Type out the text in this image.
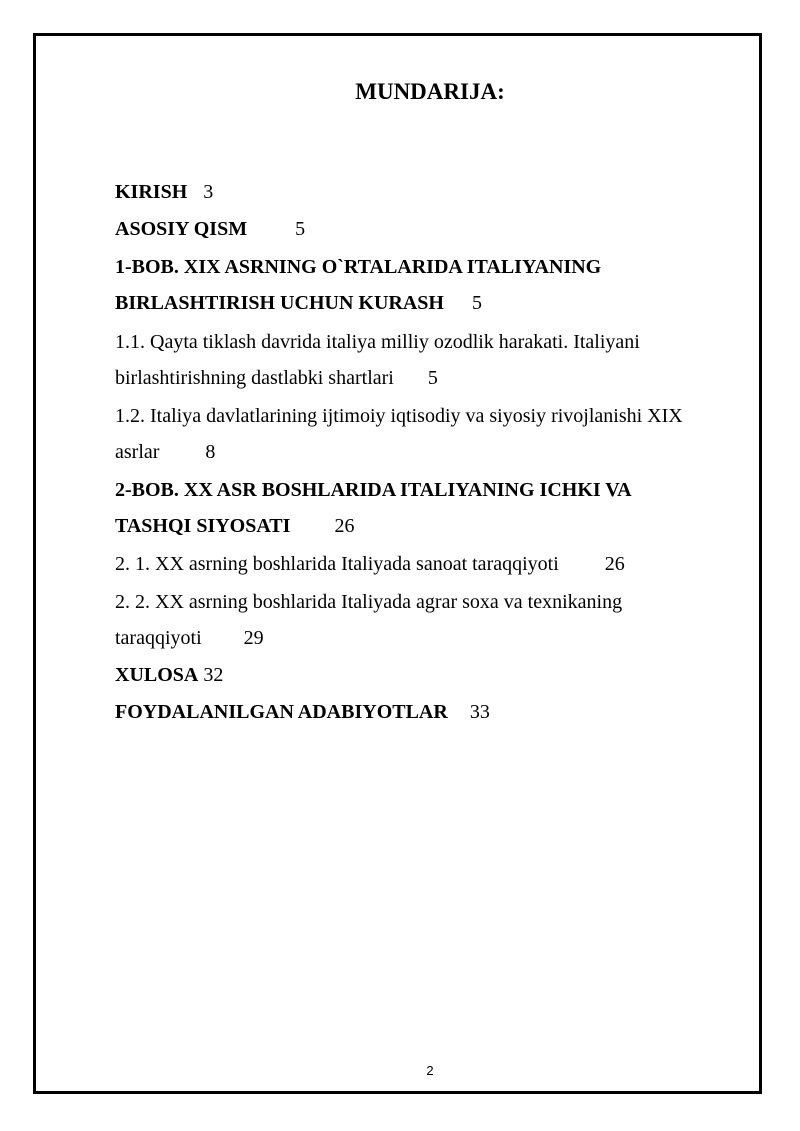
MUNDARIJA:
KIRISH 3
ASOSIY QISM 5
1-BOB. XIX ASRNING O`RTALARIDA ITALIYANING
BIRLASHTIRISH UCHUN KURASH 5
1.1. Qayta tiklash davrida italiya milliy ozodlik harakati. Italiyani
birlashtirishning dastlabki shartlari 5
1.2. Italiya davlatlarining ijtimoiy iqtisodiy va siyosiy rivojlanishi XIX
asrlar 8
2-BOB. XX ASR BOSHLARIDA ITALIYANING ICHKI VA
TASHQI SIYOSATI 26
2. 1. XX asrning boshlarida Italiyada sanoat taraqqiyoti 26
2. 2. XX asrning boshlarida Italiyada agrar soxa va texnikaning
taraqqiyoti 29
XULOSA 32
FOYDALANILGAN ADABIYOTLAR 33
2
